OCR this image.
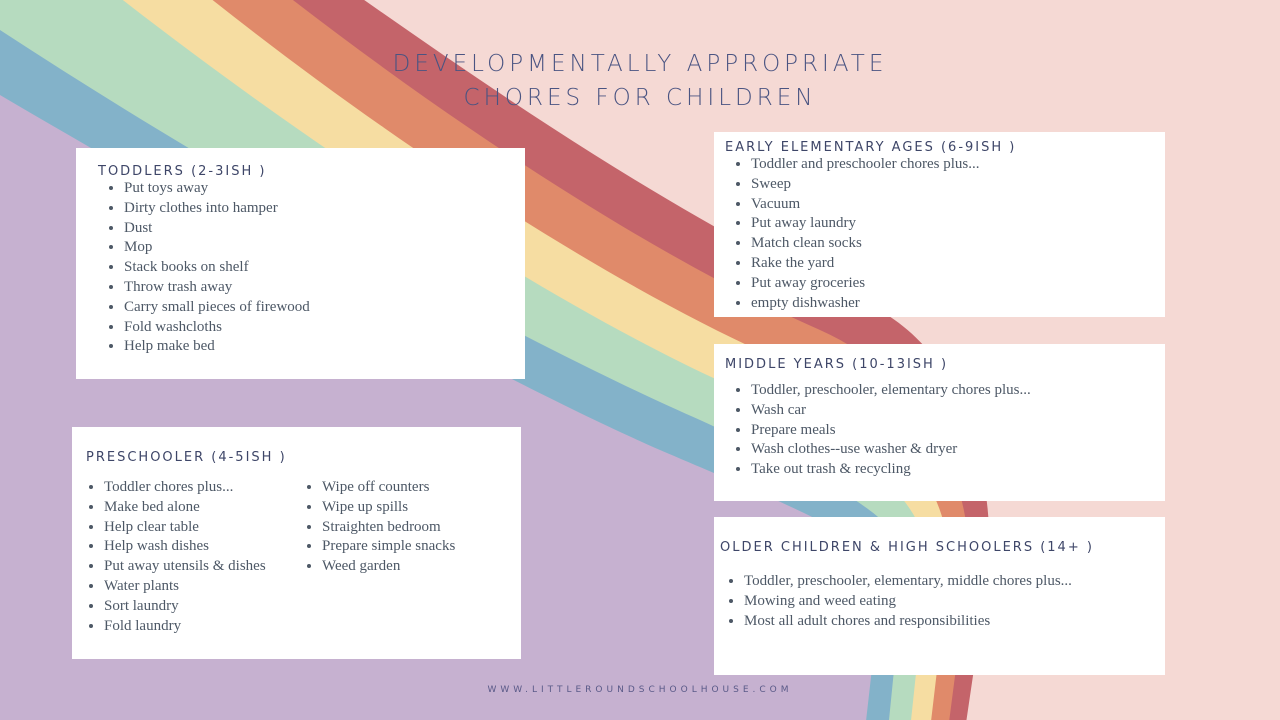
DEVELOPMENTALLY APPROPRIATE
CHORES FOR CHILDREN
TODDLERS (2-3ISH )
• Put toys away
• Dirty clothes into hamper
• Dust
• Mop
• Stack books on shelf
• Throw trash away
• Carry small pieces of firewood
• Fold washcloths
• Help make bed
PRESCHOOLER (4-5ISH )
• Toddler chores plus...
• Make bed alone
• Help clear table
• Help wash dishes
• Put away utensils & dishes
• Water plants
• Sort laundry
• Fold laundry
• Wipe off counters
• Wipe up spills
• Straighten bedroom
• Prepare simple snacks
• Weed garden
EARLY ELEMENTARY AGES (6-9ISH )
• Toddler and preschooler chores plus...
• Sweep
• Vacuum
• Put away laundry
• Match clean socks
• Rake the yard
• Put away groceries
• empty dishwasher
MIDDLE YEARS (10-13ISH )
• Toddler, preschooler, elementary chores plus...
• Wash car
• Prepare meals
• Wash clothes--use washer & dryer
• Take out trash & recycling
OLDER CHILDREN & HIGH SCHOOLERS (14+ )
• Toddler, preschooler, elementary, middle chores plus...
• Mowing and weed eating
• Most all adult chores and responsibilities
WWW.LITTLEROUNDSCHOOLHOUSE.COM
